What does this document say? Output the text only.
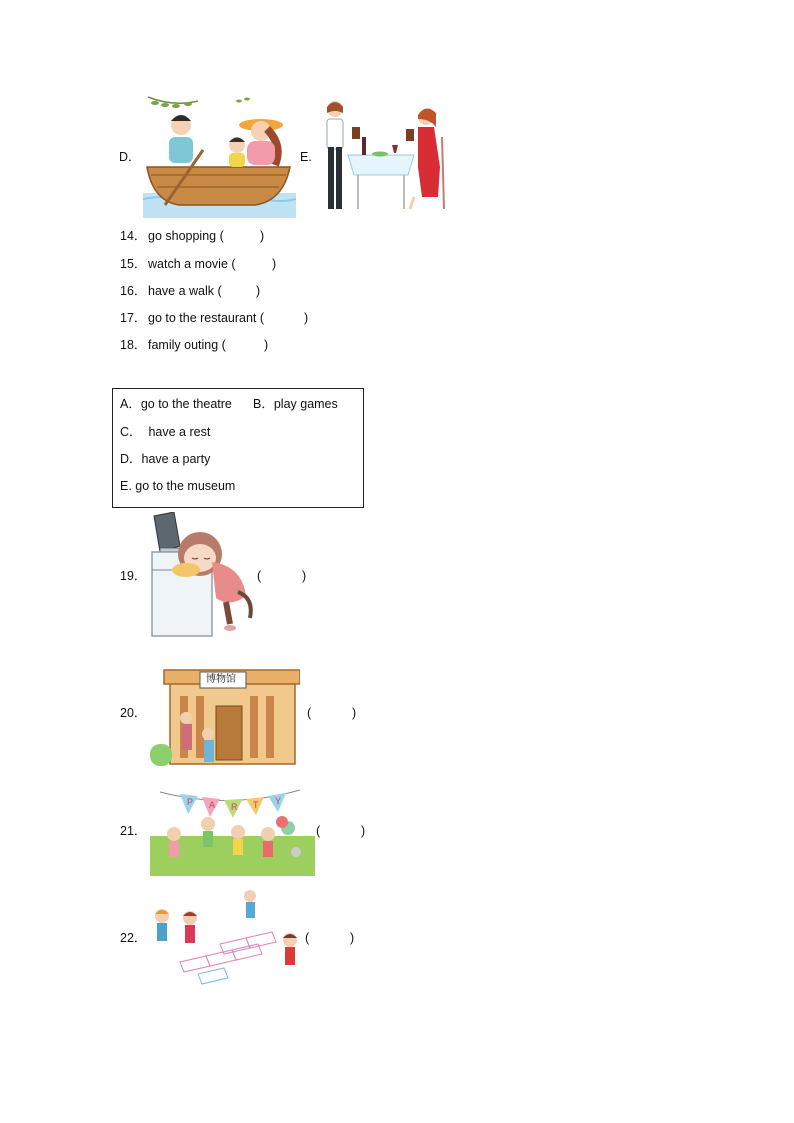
D．	E.
14． go shopping (	)
15． watch a movie (	)
16． have a walk (	)
17． go to the restaurant (	)
18． family outing (	)
A．go to the theatre B．play games
C．  have a rest
D．have a party
E. go to the museum
19．	(	)
20．
博物馆
(	)
21．
P A R T Y
(	)
22．	(	)
